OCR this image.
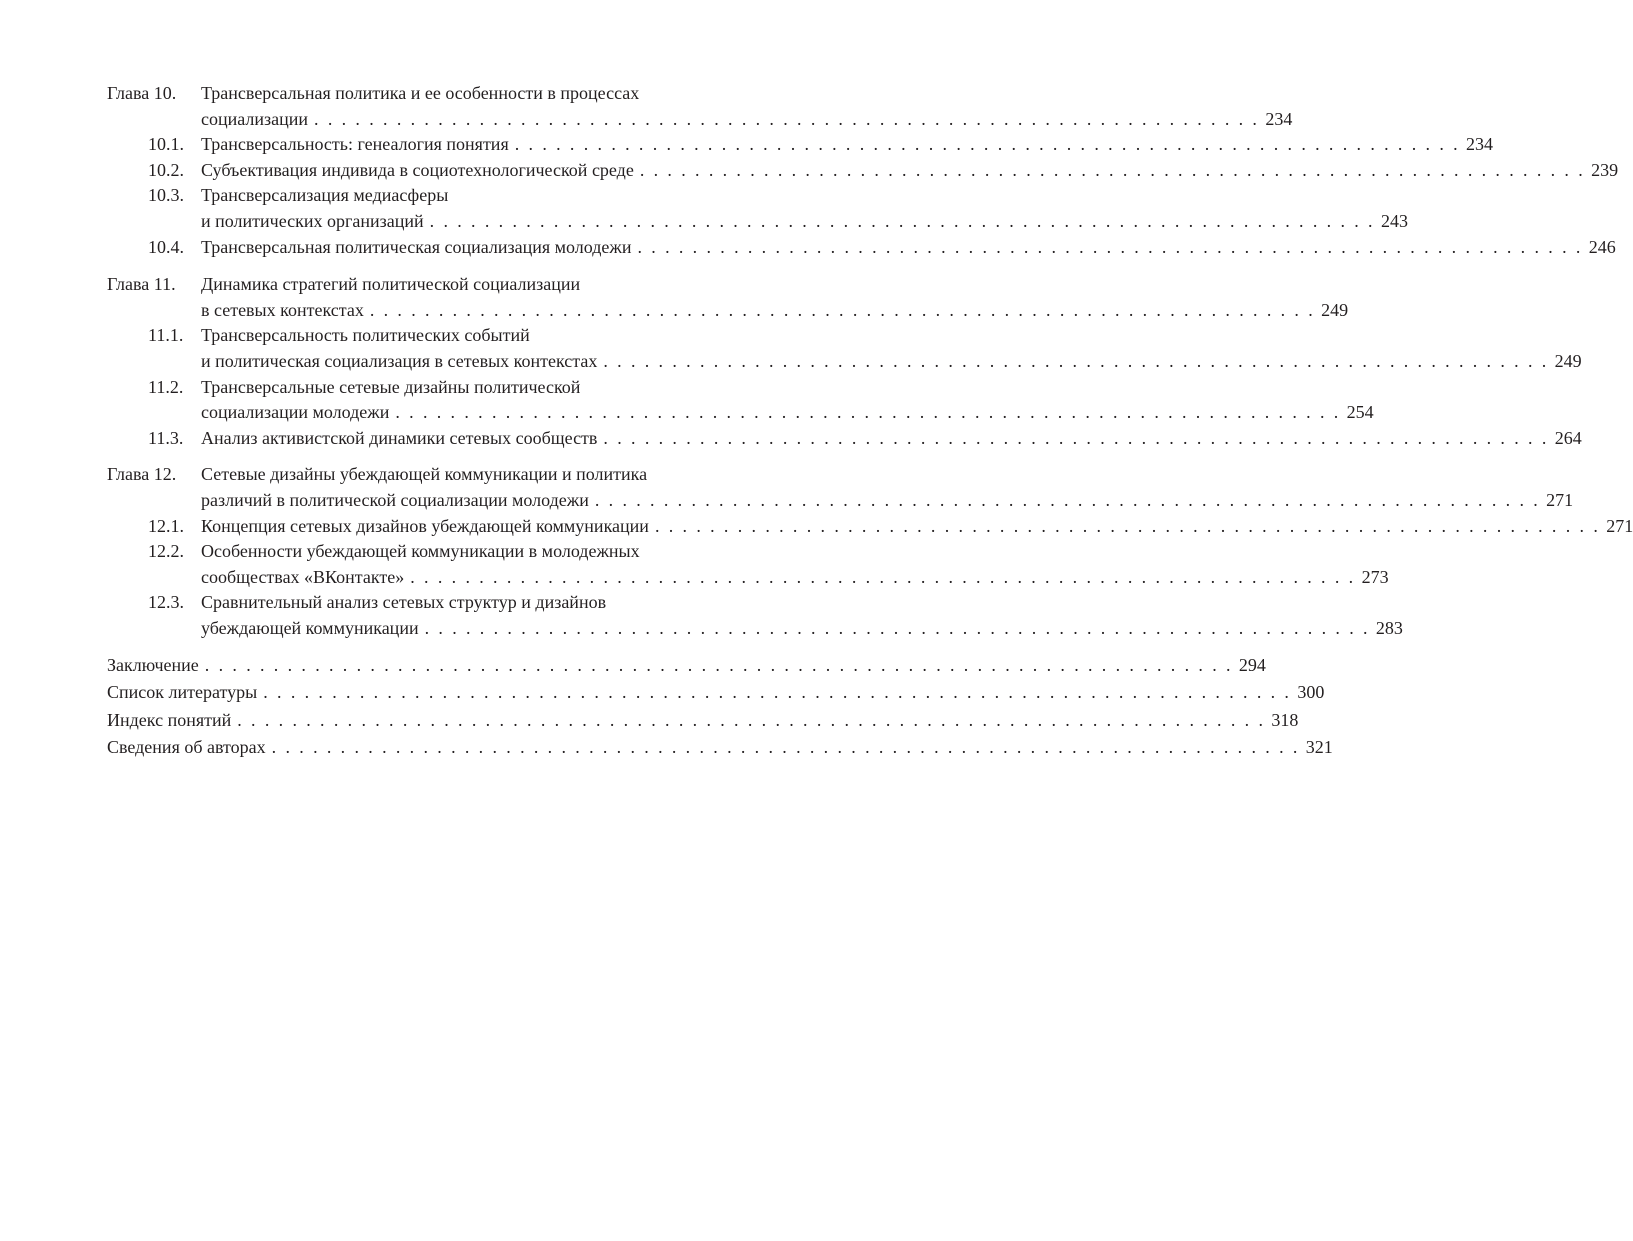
Глава 10. Трансверсальная политика и ее особенности в процессах
социализации . . . . . . . . . . . . . . . . . . . . . . . . . . . . . . . . . . . . . . . . . . . . . . . . . . . . . . . . . . . . . . . . . . . . . 234
10.1. Трансверсальность: генеалогия понятия . . . . . . . . . . . . . . . . . . . . . . . . . . . . . . . . . . . . . . . . . . . . . . . . . . . . . . . . . . . . . . . . . . . . . 234
10.2. Субъективация индивида в социотехнологической среде . . . . . . . . . . . . . . . . . . . . . . . . . . . . . . . . . . . . . . . . . . . . . . . . . . . . . . . . . . . . . . . . . . . . . 239
10.3. Трансверсализация медиасферы
и политических организаций . . . . . . . . . . . . . . . . . . . . . . . . . . . . . . . . . . . . . . . . . . . . . . . . . . . . . . . . . . . . . . . . . . . . . 243
10.4. Трансверсальная политическая социализация молодежи . . . . . . . . . . . . . . . . . . . . . . . . . . . . . . . . . . . . . . . . . . . . . . . . . . . . . . . . . . . . . . . . . . . . . 246
Глава 11. Динамика стратегий политической социализации
в сетевых контекстах . . . . . . . . . . . . . . . . . . . . . . . . . . . . . . . . . . . . . . . . . . . . . . . . . . . . . . . . . . . . . . . . . . . . . 249
11.1. Трансверсальность политических событий
и политическая социализация в сетевых контекстах . . . . . . . . . . . . . . . . . . . . . . . . . . . . . . . . . . . . . . . . . . . . . . . . . . . . . . . . . . . . . . . . . . . . . 249
11.2. Трансверсальные сетевые дизайны политической
социализации молодежи . . . . . . . . . . . . . . . . . . . . . . . . . . . . . . . . . . . . . . . . . . . . . . . . . . . . . . . . . . . . . . . . . . . . . 254
11.3. Анализ активистской динамики сетевых сообществ . . . . . . . . . . . . . . . . . . . . . . . . . . . . . . . . . . . . . . . . . . . . . . . . . . . . . . . . . . . . . . . . . . . . . 264
Глава 12. Сетевые дизайны убеждающей коммуникации и политика
различий в политической социализации молодежи . . . . . . . . . . . . . . . . . . . . . . . . . . . . . . . . . . . . . . . . . . . . . . . . . . . . . . . . . . . . . . . . . . . . . 271
12.1. Концепция сетевых дизайнов убеждающей коммуникации . . . . . . . . . . . . . . . . . . . . . . . . . . . . . . . . . . . . . . . . . . . . . . . . . . . . . . . . . . . . . . . . . . . . . 271
12.2. Особенности убеждающей коммуникации в молодежных
сообществах «ВКонтакте» . . . . . . . . . . . . . . . . . . . . . . . . . . . . . . . . . . . . . . . . . . . . . . . . . . . . . . . . . . . . . . . . . . . . . 273
12.3. Сравнительный анализ сетевых структур и дизайнов
убеждающей коммуникации . . . . . . . . . . . . . . . . . . . . . . . . . . . . . . . . . . . . . . . . . . . . . . . . . . . . . . . . . . . . . . . . . . . . . 283
Заключение . . . . . . . . . . . . . . . . . . . . . . . . . . . . . . . . . . . . . . . . . . . . . . . . . . . . . . . . . . . . . . . . . . . . . . . . . . . 294
Список литературы . . . . . . . . . . . . . . . . . . . . . . . . . . . . . . . . . . . . . . . . . . . . . . . . . . . . . . . . . . . . . . . . . . . . . . . . . . . 300
Индекс понятий . . . . . . . . . . . . . . . . . . . . . . . . . . . . . . . . . . . . . . . . . . . . . . . . . . . . . . . . . . . . . . . . . . . . . . . . . . . 318
Сведения об авторах . . . . . . . . . . . . . . . . . . . . . . . . . . . . . . . . . . . . . . . . . . . . . . . . . . . . . . . . . . . . . . . . . . . . . . . . . . . 321
